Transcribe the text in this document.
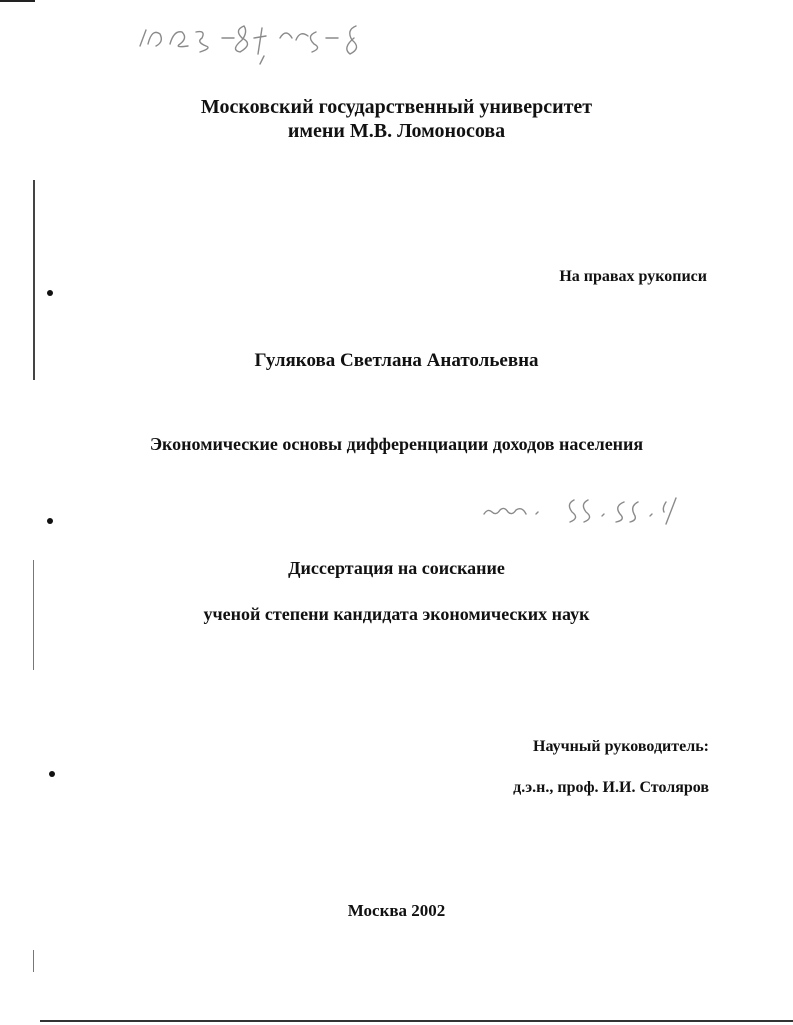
Московский государственный университет
имени М.В. Ломоносова
На правах рукописи
Гулякова Светлана Анатольевна
Экономические основы дифференциации доходов населения
Диссертация на соискание
ученой степени кандидата экономических наук
Научный руководитель:
д.э.н., проф. И.И. Столяров
Москва 2002
